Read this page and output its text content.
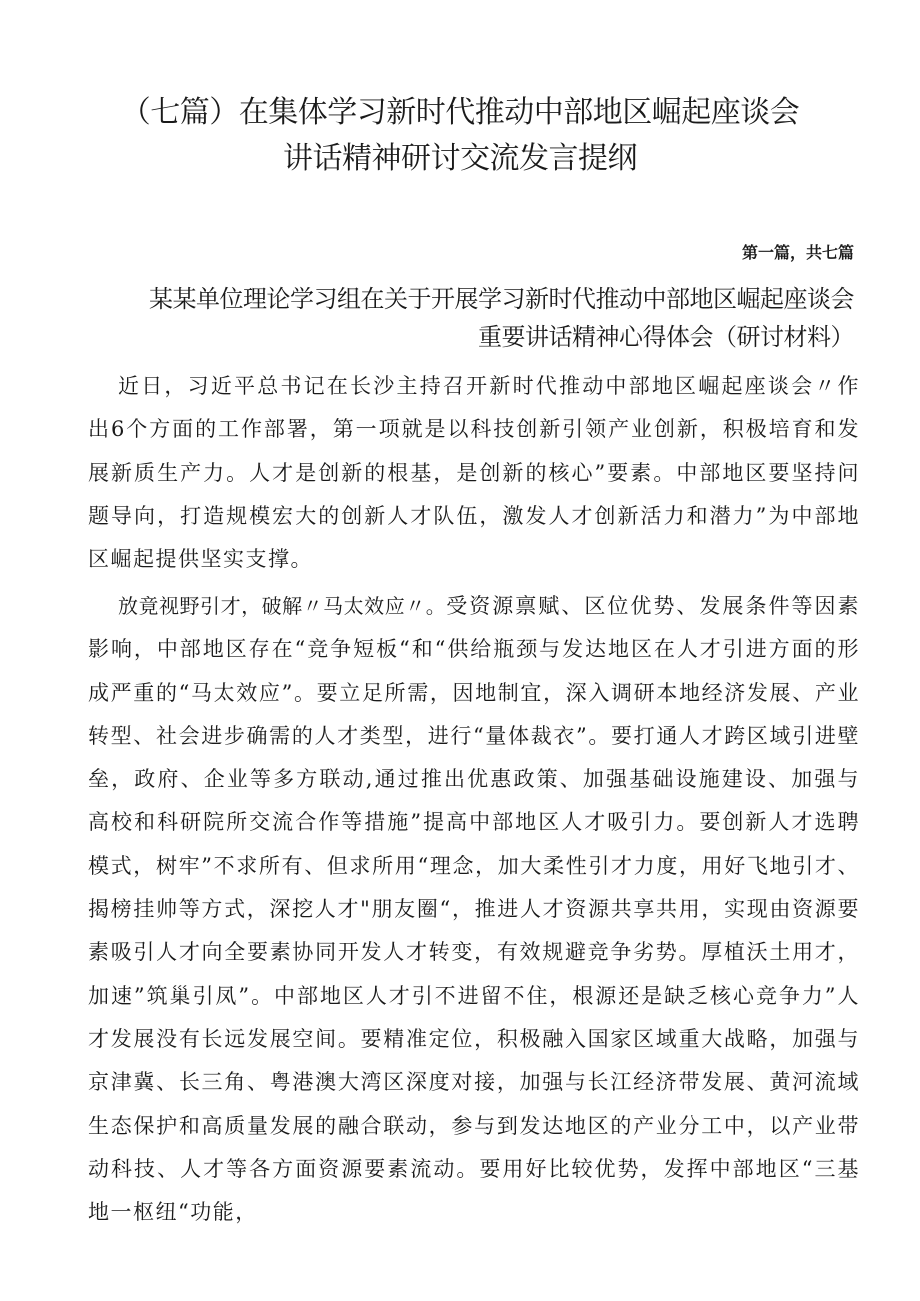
（七篇）在集体学习新时代推动中部地区崛起座谈会
讲话精神研讨交流发言提纲
第一篇，共七篇
某某单位理论学习组在关于开展学习新时代推动中部地区崛起座谈会
重要讲话精神心得体会（研讨材料）

近日，习近平总书记在长沙主持召开新时代推动中部地区崛起座谈会〃作出6个方面的工作部署，第一项就是以科技创新引领产业创新，积极培育和发展新质生产力。人才是创新的根基，是创新的核心”要素。中部地区要坚持问题导向，打造规模宏大的创新人才队伍，激发人才创新活力和潜力”为中部地区崛起提供坚实支撑。

放竟视野引才，破解〃马太效应〃。受资源禀赋、区位优势、发展条件等因素影响，中部地区存在“竞争短板“和“供给瓶颈与发达地区在人才引进方面的形成严重的“马太效应”。要立足所需，因地制宜，深入调研本地经济发展、产业转型、社会进步确需的人才类型，进行“量体裁衣”。要打通人才跨区域引进壁垒，政府、企业等多方联动,通过推出优惠政策、加强基础设施建设、加强与高校和科研院所交流合作等措施”提高中部地区人才吸引力。要创新人才选聘模式，树牢”不求所有、但求所用“理念，加大柔性引才力度，用好飞地引才、揭榜挂帅等方式，深挖人才"朋友圈“，推进人才资源共享共用，实现由资源要素吸引人才向全要素协同开发人才转变，有效规避竞争劣势。厚植沃土用才，加速”筑巢引凤”。中部地区人才引不进留不住，根源还是缺乏核心竞争力”人才发展没有长远发展空间。要精准定位，积极融入国家区域重大战略，加强与京津冀、长三角、粤港澳大湾区深度对接，加强与长江经济带发展、黄河流域生态保护和高质量发展的融合联动，参与到发达地区的产业分工中，以产业带动科技、人才等各方面资源要素流动。要用好比较优势，发挥中部地区“三基地一枢纽“功能，
